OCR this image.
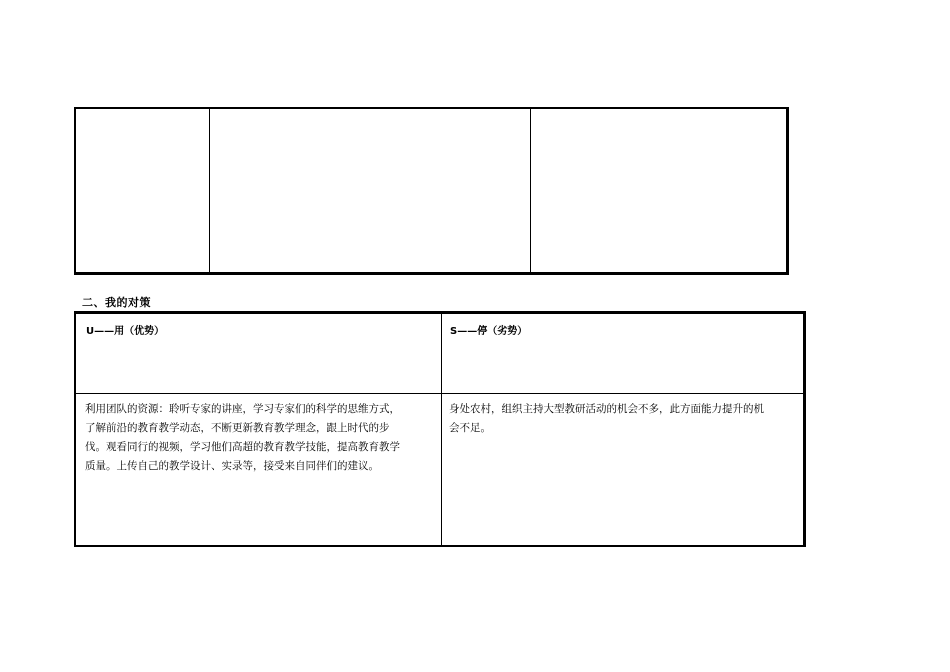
二、我的对策
U——用（优势）	S——停（劣势）
利用团队的资源：聆听专家的讲座，学习专家们的科学的思维方式，
了解前沿的教育教学动态，不断更新教育教学理念，跟上时代的步
伐。观看同行的视频，学习他们高超的教育教学技能，提高教育教学
质量。上传自己的教学设计、实录等，接受来自同伴们的建议。
身处农村，组织主持大型教研活动的机会不多，此方面能力提升的机
会不足。
